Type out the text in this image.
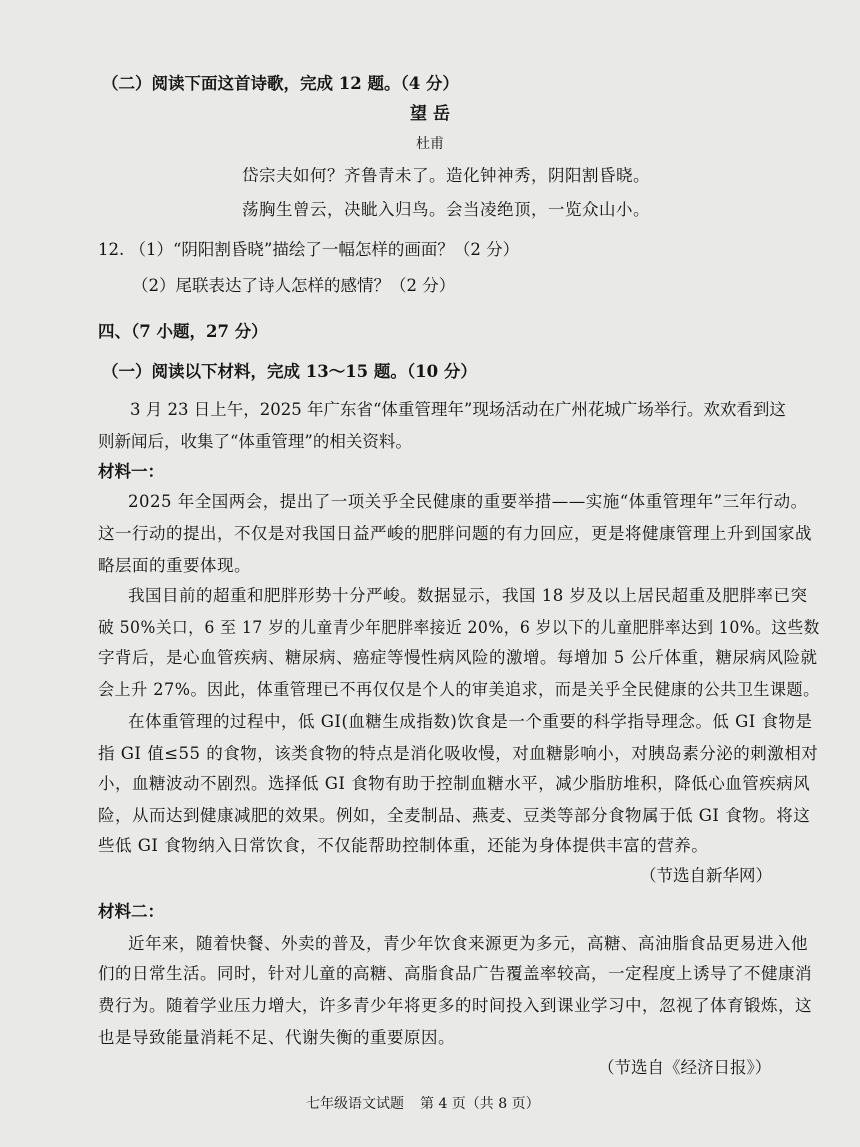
（二）阅读下面这首诗歌，完成 12 题。（4 分）
望 岳
杜甫
岱宗夫如何？齐鲁青未了。造化钟神秀，阴阳割昏晓。
荡胸生曾云，决眦入归鸟。会当凌绝顶，一览众山小。
12. （1）“阴阳割昏晓”描绘了一幅怎样的画面？（2 分）
（2）尾联表达了诗人怎样的感情？（2 分）
四、（7 小题，27 分）
（一）阅读以下材料，完成 13～15 题。（10 分）
3 月 23 日上午，2025 年广东省“体重管理年”现场活动在广州花城广场举行。欢欢看到这
则新闻后，收集了“体重管理”的相关资料。
材料一：
2025 年全国两会，提出了一项关乎全民健康的重要举措——实施“体重管理年”三年行动。
这一行动的提出，不仅是对我国日益严峻的肥胖问题的有力回应，更是将健康管理上升到国家战
略层面的重要体现。
我国目前的超重和肥胖形势十分严峻。数据显示，我国 18 岁及以上居民超重及肥胖率已突
破 50%关口，6 至 17 岁的儿童青少年肥胖率接近 20%，6 岁以下的儿童肥胖率达到 10%。这些数
字背后，是心血管疾病、糖尿病、癌症等慢性病风险的激增。每增加 5 公斤体重，糖尿病风险就
会上升 27%。因此，体重管理已不再仅仅是个人的审美追求，而是关乎全民健康的公共卫生课题。
在体重管理的过程中，低 GI(血糖生成指数)饮食是一个重要的科学指导理念。低 GI 食物是
指 GI 值≤55 的食物，该类食物的特点是消化吸收慢，对血糖影响小，对胰岛素分泌的刺激相对
小，血糖波动不剧烈。选择低 GI 食物有助于控制血糖水平，减少脂肪堆积，降低心血管疾病风
险，从而达到健康减肥的效果。例如，全麦制品、燕麦、豆类等部分食物属于低 GI 食物。将这
些低 GI 食物纳入日常饮食，不仅能帮助控制体重，还能为身体提供丰富的营养。
（节选自新华网）
材料二：
近年来，随着快餐、外卖的普及，青少年饮食来源更为多元，高糖、高油脂食品更易进入他
们的日常生活。同时，针对儿童的高糖、高脂食品广告覆盖率较高，一定程度上诱导了不健康消
费行为。随着学业压力增大，许多青少年将更多的时间投入到课业学习中，忽视了体育锻炼，这
也是导致能量消耗不足、代谢失衡的重要原因。
（节选自《经济日报》）
七年级语文试题 第 4 页（共 8 页）
